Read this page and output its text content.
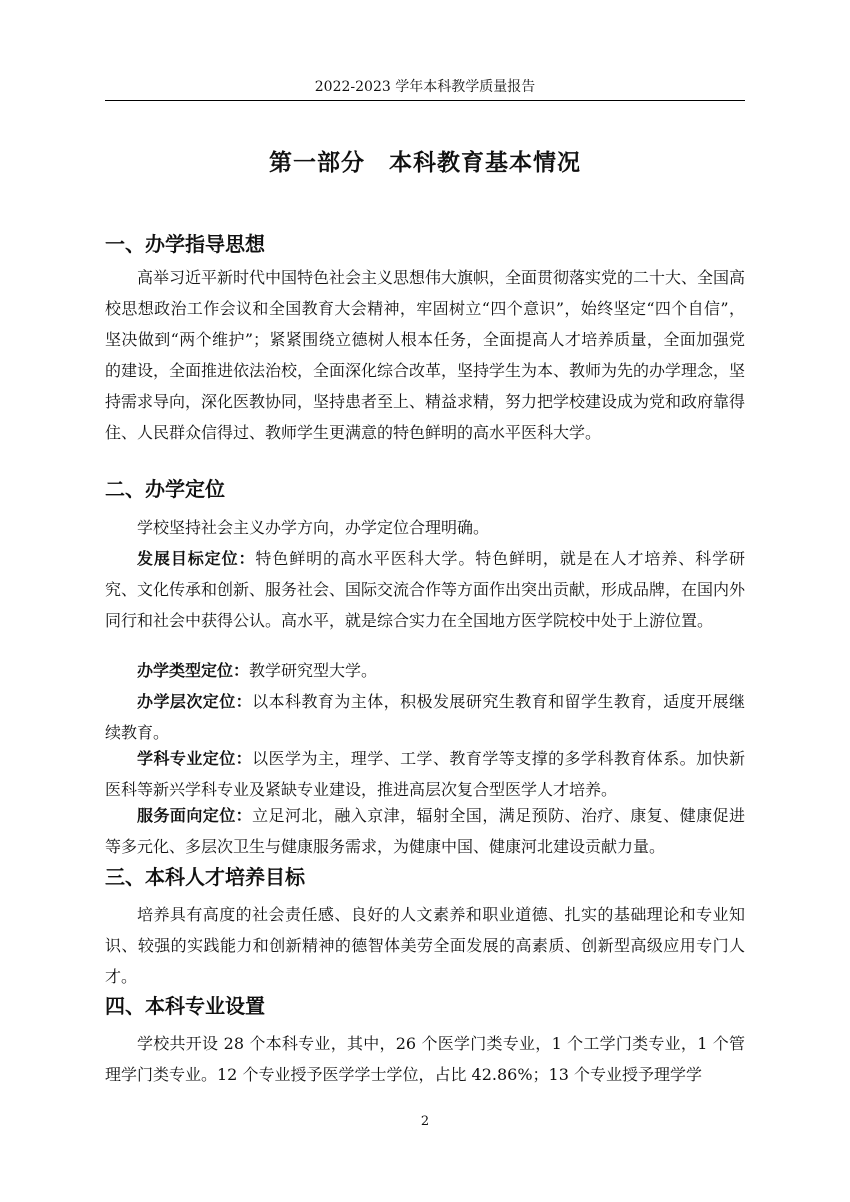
2022-2023 学年本科教学质量报告
第一部分　本科教育基本情况
一、办学指导思想

高举习近平新时代中国特色社会主义思想伟大旗帜，全面贯彻落实党的二十大、全国高校思想政治工作会议和全国教育大会精神，牢固树立“四个意识”，始终坚定“四个自信”，坚决做到“两个维护”；紧紧围绕立德树人根本任务，全面提高人才培养质量，全面加强党的建设，全面推进依法治校，全面深化综合改革，坚持学生为本、教师为先的办学理念，坚持需求导向，深化医教协同，坚持患者至上、精益求精，努力把学校建设成为党和政府靠得住、人民群众信得过、教师学生更满意的特色鲜明的高水平医科大学。

二、办学定位

学校坚持社会主义办学方向，办学定位合理明确。

发展目标定位：特色鲜明的高水平医科大学。特色鲜明，就是在人才培养、科学研究、文化传承和创新、服务社会、国际交流合作等方面作出突出贡献，形成品牌，在国内外同行和社会中获得公认。高水平，就是综合实力在全国地方医学院校中处于上游位置。

办学类型定位：教学研究型大学。

办学层次定位：以本科教育为主体，积极发展研究生教育和留学生教育，适度开展继续教育。

学科专业定位：以医学为主，理学、工学、教育学等支撑的多学科教育体系。加快新医科等新兴学科专业及紧缺专业建设，推进高层次复合型医学人才培养。

服务面向定位：立足河北，融入京津，辐射全国，满足预防、治疗、康复、健康促进等多元化、多层次卫生与健康服务需求，为健康中国、健康河北建设贡献力量。

三、本科人才培养目标

培养具有高度的社会责任感、良好的人文素养和职业道德、扎实的基础理论和专业知识、较强的实践能力和创新精神的德智体美劳全面发展的高素质、创新型高级应用专门人才。

四、本科专业设置

学校共开设 28 个本科专业，其中，26 个医学门类专业，1 个工学门类专业，1 个管理学门类专业。12 个专业授予医学学士学位，占比 42.86%；13 个专业授予理学学

2
